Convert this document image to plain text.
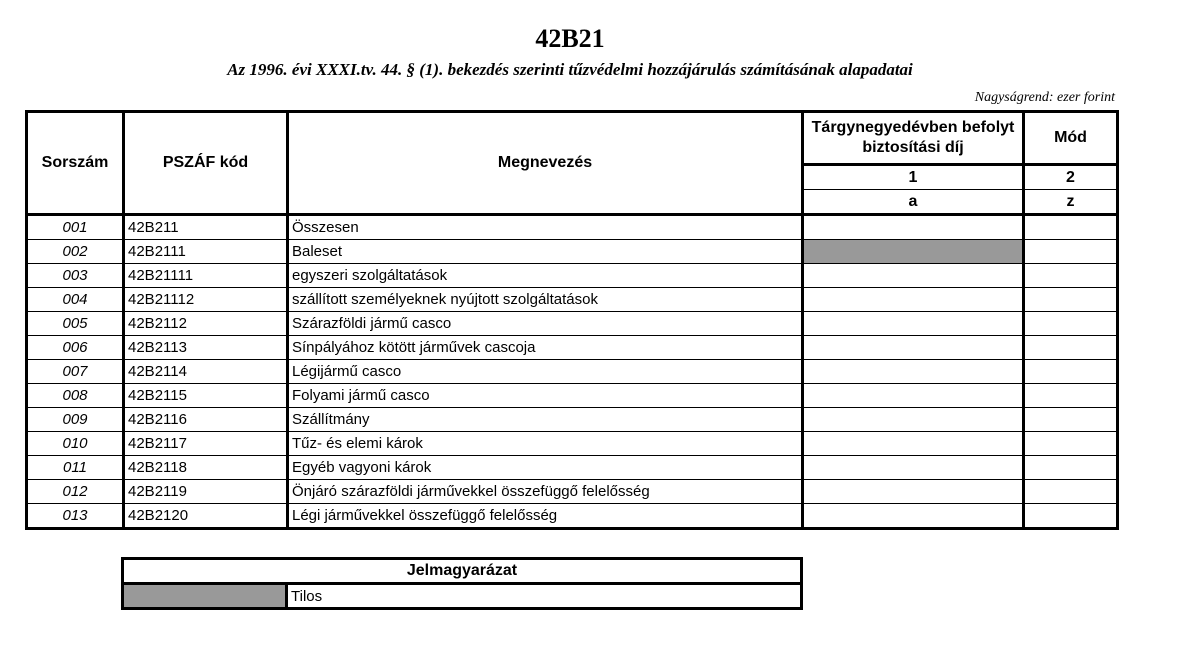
42B21
Az 1996. évi XXXI.tv. 44. § (1). bekezdés szerinti tűzvédelmi hozzájárulás számításának alapadatai
Nagyságrend: ezer forint
Sorszám	PSZÁF kód	Megnevezés	Tárgynegyedévben befolyt biztosítási díj	Mód
			1	2
			a	z
001	42B211	Összesen		
002	42B2111	Baleset		
003	42B21111	egyszeri szolgáltatások		
004	42B21112	szállított személyeknek nyújtott szolgáltatások		
005	42B2112	Szárazföldi jármű casco		
006	42B2113	Sínpályához kötött járművek cascoja		
007	42B2114	Légijármű casco		
008	42B2115	Folyami jármű casco		
009	42B2116	Szállítmány		
010	42B2117	Tűz- és elemi károk		
011	42B2118	Egyéb vagyoni károk		
012	42B2119	Önjáró szárazföldi járművekkel összefüggő felelősség		
013	42B2120	Légi járművekkel összefüggő felelősség		
Jelmagyarázat
	Tilos
